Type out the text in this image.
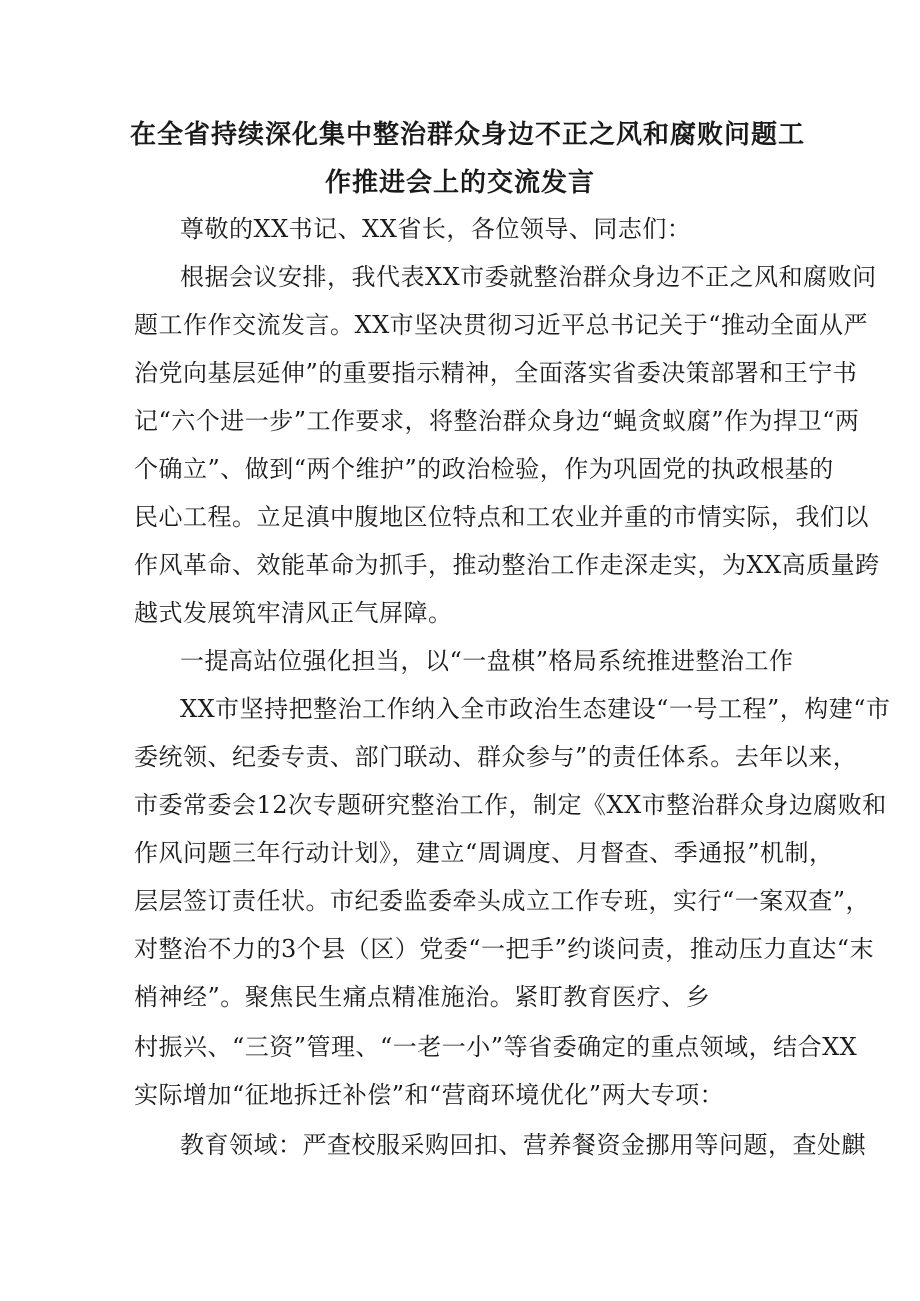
在全省持续深化集中整治群众身边不正之风和腐败问题工
作推进会上的交流发言

尊敬的XX书记、XX省长，各位领导、同志们：

根据会议安排，我代表XX市委就整治群众身边不正之风和腐败问

题工作作交流发言。XX市坚决贯彻习近平总书记关于“推动全面从严

治党向基层延伸”的重要指示精神，全面落实省委决策部署和王宁书

记“六个进一步”工作要求，将整治群众身边“蝇贪蚁腐”作为捍卫“两

个确立”、做到“两个维护”的政治检验，作为巩固党的执政根基的

民心工程。立足滇中腹地区位特点和工农业并重的市情实际，我们以

作风革命、效能革命为抓手，推动整治工作走深走实，为XX高质量跨

越式发展筑牢清风正气屏障。

一提高站位强化担当，以“一盘棋”格局系统推进整治工作

XX市坚持把整治工作纳入全市政治生态建设“一号工程”，构建“市

委统领、纪委专责、部门联动、群众参与”的责任体系。去年以来，

市委常委会12次专题研究整治工作，制定《XX市整治群众身边腐败和

作风问题三年行动计划》，建立“周调度、月督查、季通报”机制，

层层签订责任状。市纪委监委牵头成立工作专班，实行“一案双查”，

对整治不力的3个县（区）党委“一把手”约谈问责，推动压力直达“末

梢神经”。聚焦民生痛点精准施治。紧盯教育医疗、乡

村振兴、“三资”管理、“一老一小”等省委确定的重点领域，结合XX

实际增加“征地拆迁补偿”和“营商环境优化”两大专项：

教育领域：严查校服采购回扣、营养餐资金挪用等问题，查处麒
